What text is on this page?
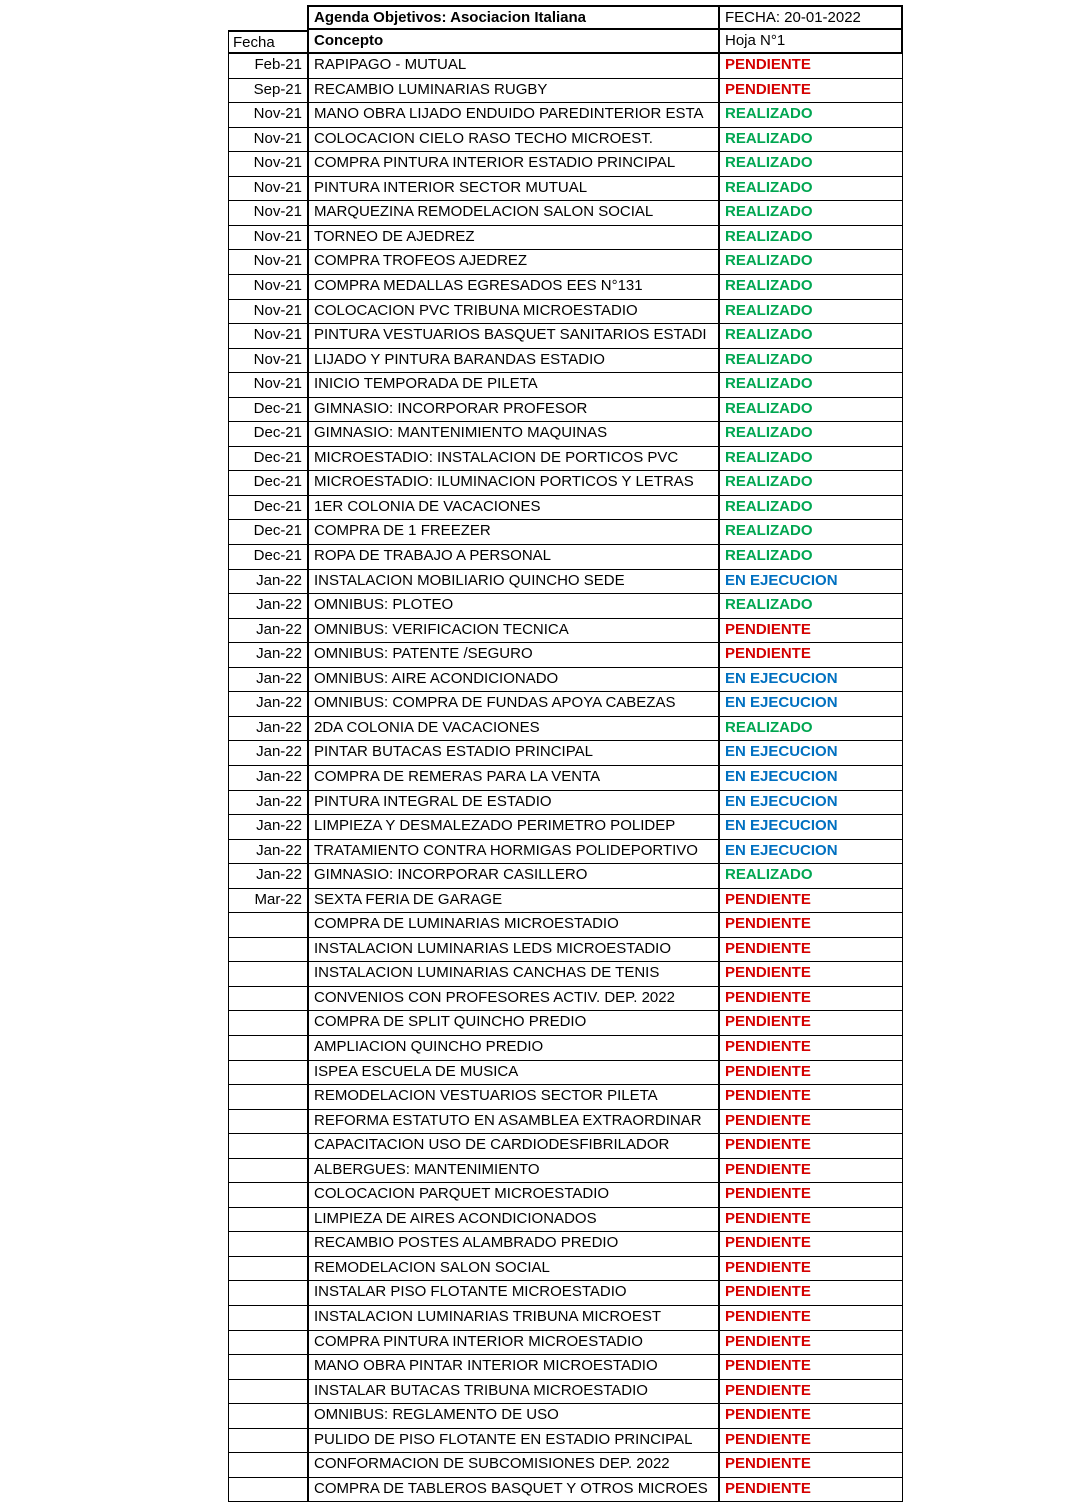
Agenda Objetivos: Asociacion Italiana	FECHA: 20-01-2022
Fecha	Concepto	Hoja N°1
Feb-21 RAPIPAGO - MUTUAL	PENDIENTE
Sep-21 RECAMBIO LUMINARIAS RUGBY	PENDIENTE
Nov-21 MANO OBRA LIJADO ENDUIDO PAREDINTERIOR ESTA	REALIZADO
Nov-21 COLOCACION CIELO RASO TECHO MICROEST.	REALIZADO
Nov-21 COMPRA PINTURA INTERIOR ESTADIO PRINCIPAL	REALIZADO
Nov-21 PINTURA INTERIOR SECTOR MUTUAL	REALIZADO
Nov-21 MARQUEZINA REMODELACION SALON SOCIAL	REALIZADO
Nov-21 TORNEO DE AJEDREZ	REALIZADO
Nov-21 COMPRA TROFEOS AJEDREZ	REALIZADO
Nov-21 COMPRA MEDALLAS EGRESADOS EES N°131	REALIZADO
Nov-21 COLOCACION PVC TRIBUNA MICROESTADIO	REALIZADO
Nov-21 PINTURA VESTUARIOS BASQUET SANITARIOS ESTADI	REALIZADO
Nov-21 LIJADO Y PINTURA BARANDAS ESTADIO	REALIZADO
Nov-21 INICIO TEMPORADA DE PILETA	REALIZADO
Dec-21 GIMNASIO: INCORPORAR PROFESOR	REALIZADO
Dec-21 GIMNASIO: MANTENIMIENTO MAQUINAS	REALIZADO
Dec-21 MICROESTADIO: INSTALACION DE PORTICOS PVC	REALIZADO
Dec-21 MICROESTADIO: ILUMINACION PORTICOS Y LETRAS	REALIZADO
Dec-21 1ER COLONIA DE VACACIONES	REALIZADO
Dec-21 COMPRA DE 1 FREEZER	REALIZADO
Dec-21 ROPA DE TRABAJO A PERSONAL	REALIZADO
Jan-22 INSTALACION MOBILIARIO QUINCHO SEDE	EN EJECUCION
Jan-22 OMNIBUS: PLOTEO	REALIZADO
Jan-22 OMNIBUS: VERIFICACION TECNICA	PENDIENTE
Jan-22 OMNIBUS: PATENTE /SEGURO	PENDIENTE
Jan-22 OMNIBUS: AIRE ACONDICIONADO	EN EJECUCION
Jan-22 OMNIBUS: COMPRA DE FUNDAS APOYA CABEZAS	EN EJECUCION
Jan-22 2DA COLONIA DE VACACIONES	REALIZADO
Jan-22 PINTAR BUTACAS ESTADIO PRINCIPAL	EN EJECUCION
Jan-22 COMPRA DE REMERAS PARA LA VENTA	EN EJECUCION
Jan-22 PINTURA INTEGRAL DE ESTADIO	EN EJECUCION
Jan-22 LIMPIEZA Y DESMALEZADO PERIMETRO POLIDEP	EN EJECUCION
Jan-22 TRATAMIENTO CONTRA HORMIGAS POLIDEPORTIVO	EN EJECUCION
Jan-22 GIMNASIO: INCORPORAR CASILLERO	REALIZADO
Mar-22 SEXTA FERIA DE GARAGE	PENDIENTE
COMPRA DE LUMINARIAS MICROESTADIO	PENDIENTE
INSTALACION LUMINARIAS LEDS MICROESTADIO	PENDIENTE
INSTALACION LUMINARIAS CANCHAS DE TENIS	PENDIENTE
CONVENIOS CON PROFESORES ACTIV. DEP. 2022	PENDIENTE
COMPRA DE SPLIT QUINCHO PREDIO	PENDIENTE
AMPLIACION QUINCHO PREDIO	PENDIENTE
ISPEA ESCUELA DE MUSICA	PENDIENTE
REMODELACION VESTUARIOS SECTOR PILETA	PENDIENTE
REFORMA ESTATUTO EN ASAMBLEA EXTRAORDINAR	PENDIENTE
CAPACITACION USO DE CARDIODESFIBRILADOR	PENDIENTE
ALBERGUES: MANTENIMIENTO	PENDIENTE
COLOCACION PARQUET MICROESTADIO	PENDIENTE
LIMPIEZA DE AIRES ACONDICIONADOS	PENDIENTE
RECAMBIO POSTES ALAMBRADO PREDIO	PENDIENTE
REMODELACION SALON SOCIAL	PENDIENTE
INSTALAR PISO FLOTANTE MICROESTADIO	PENDIENTE
INSTALACION LUMINARIAS TRIBUNA MICROEST	PENDIENTE
COMPRA PINTURA INTERIOR MICROESTADIO	PENDIENTE
MANO OBRA PINTAR INTERIOR MICROESTADIO	PENDIENTE
INSTALAR BUTACAS TRIBUNA MICROESTADIO	PENDIENTE
OMNIBUS: REGLAMENTO DE USO	PENDIENTE
PULIDO DE PISO FLOTANTE EN ESTADIO PRINCIPAL	PENDIENTE
CONFORMACION DE SUBCOMISIONES DEP. 2022	PENDIENTE
COMPRA DE TABLEROS BASQUET Y OTROS MICROES	PENDIENTE
